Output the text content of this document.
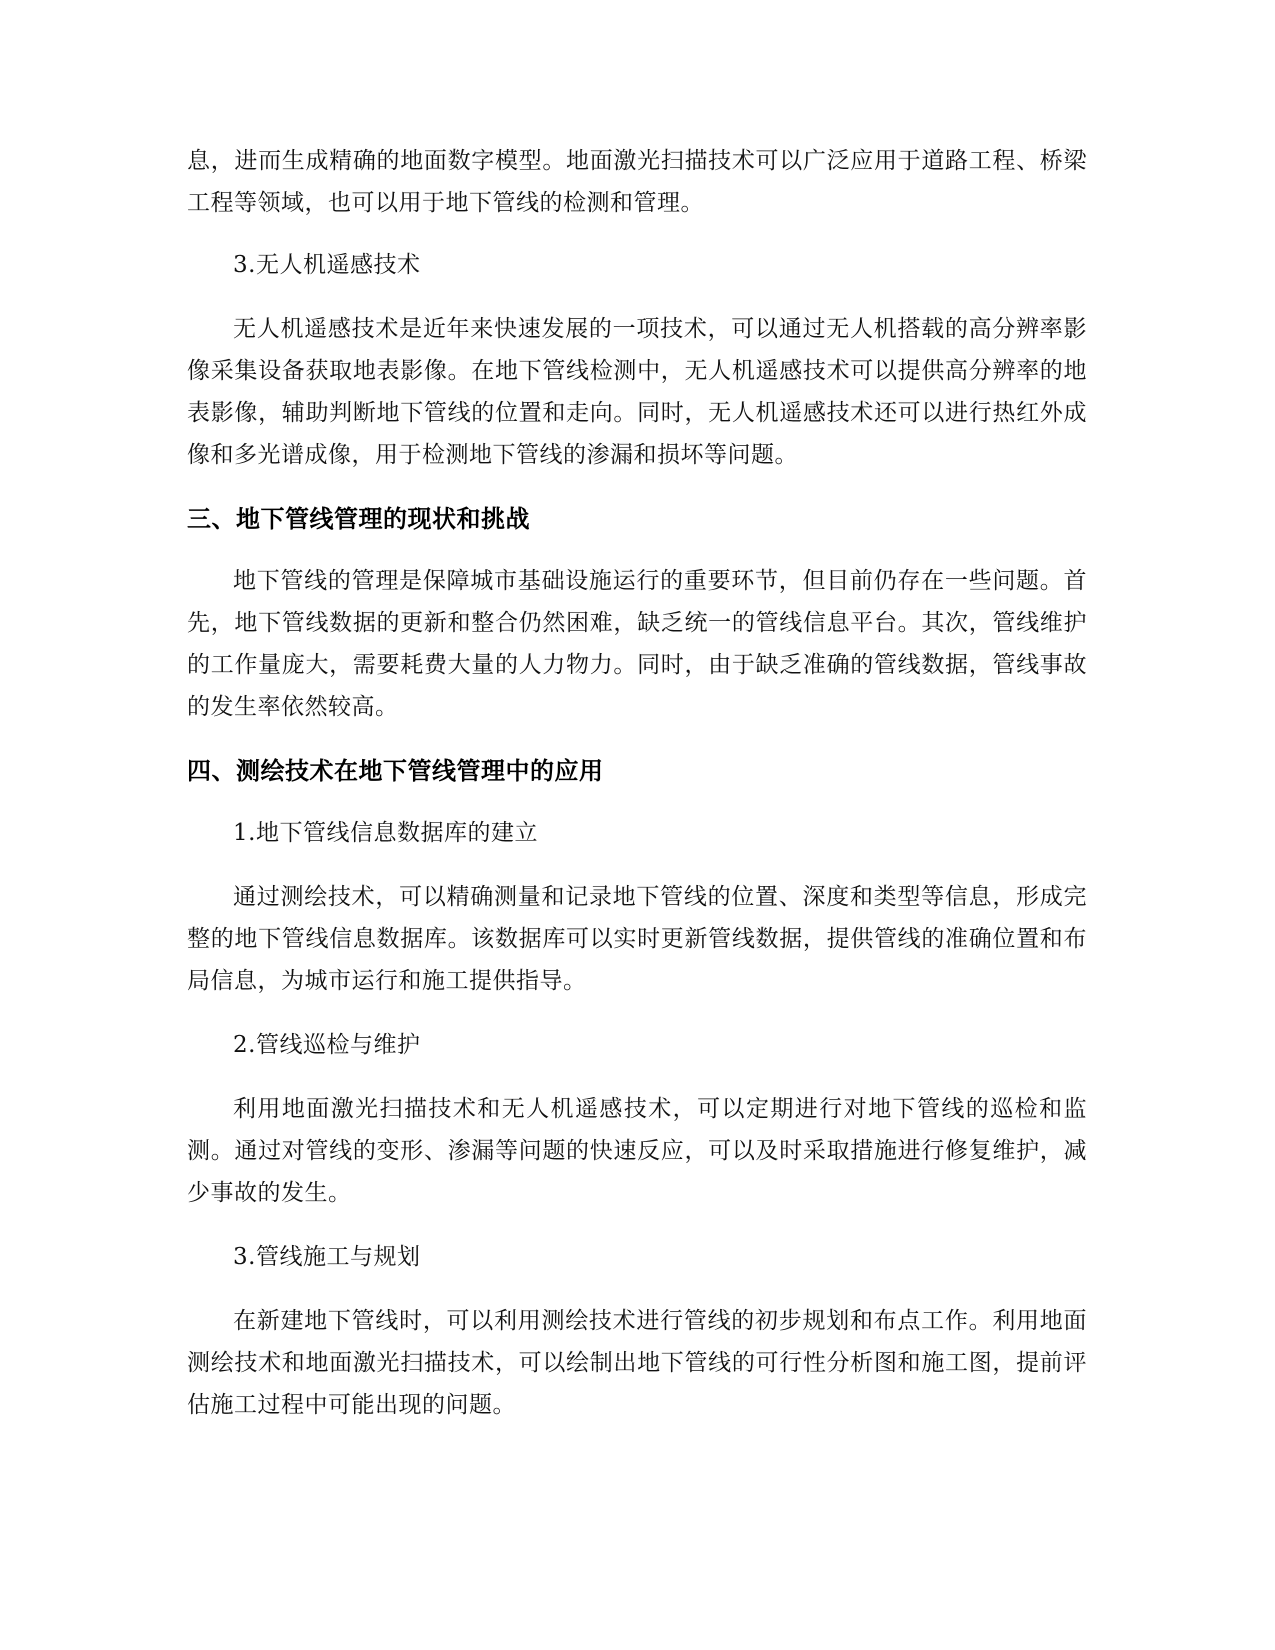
息，进而生成精确的地面数字模型。地面激光扫描技术可以广泛应用于道路工程、桥梁工程等领域，也可以用于地下管线的检测和管理。

3.无人机遥感技术

无人机遥感技术是近年来快速发展的一项技术，可以通过无人机搭载的高分辨率影像采集设备获取地表影像。在地下管线检测中，无人机遥感技术可以提供高分辨率的地表影像，辅助判断地下管线的位置和走向。同时，无人机遥感技术还可以进行热红外成像和多光谱成像，用于检测地下管线的渗漏和损坏等问题。

三、地下管线管理的现状和挑战

地下管线的管理是保障城市基础设施运行的重要环节，但目前仍存在一些问题。首先，地下管线数据的更新和整合仍然困难，缺乏统一的管线信息平台。其次，管线维护的工作量庞大，需要耗费大量的人力物力。同时，由于缺乏准确的管线数据，管线事故的发生率依然较高。

四、测绘技术在地下管线管理中的应用

1.地下管线信息数据库的建立

通过测绘技术，可以精确测量和记录地下管线的位置、深度和类型等信息，形成完整的地下管线信息数据库。该数据库可以实时更新管线数据，提供管线的准确位置和布局信息，为城市运行和施工提供指导。

2.管线巡检与维护

利用地面激光扫描技术和无人机遥感技术，可以定期进行对地下管线的巡检和监测。通过对管线的变形、渗漏等问题的快速反应，可以及时采取措施进行修复维护，减少事故的发生。

3.管线施工与规划

在新建地下管线时，可以利用测绘技术进行管线的初步规划和布点工作。利用地面测绘技术和地面激光扫描技术，可以绘制出地下管线的可行性分析图和施工图，提前评估施工过程中可能出现的问题。
